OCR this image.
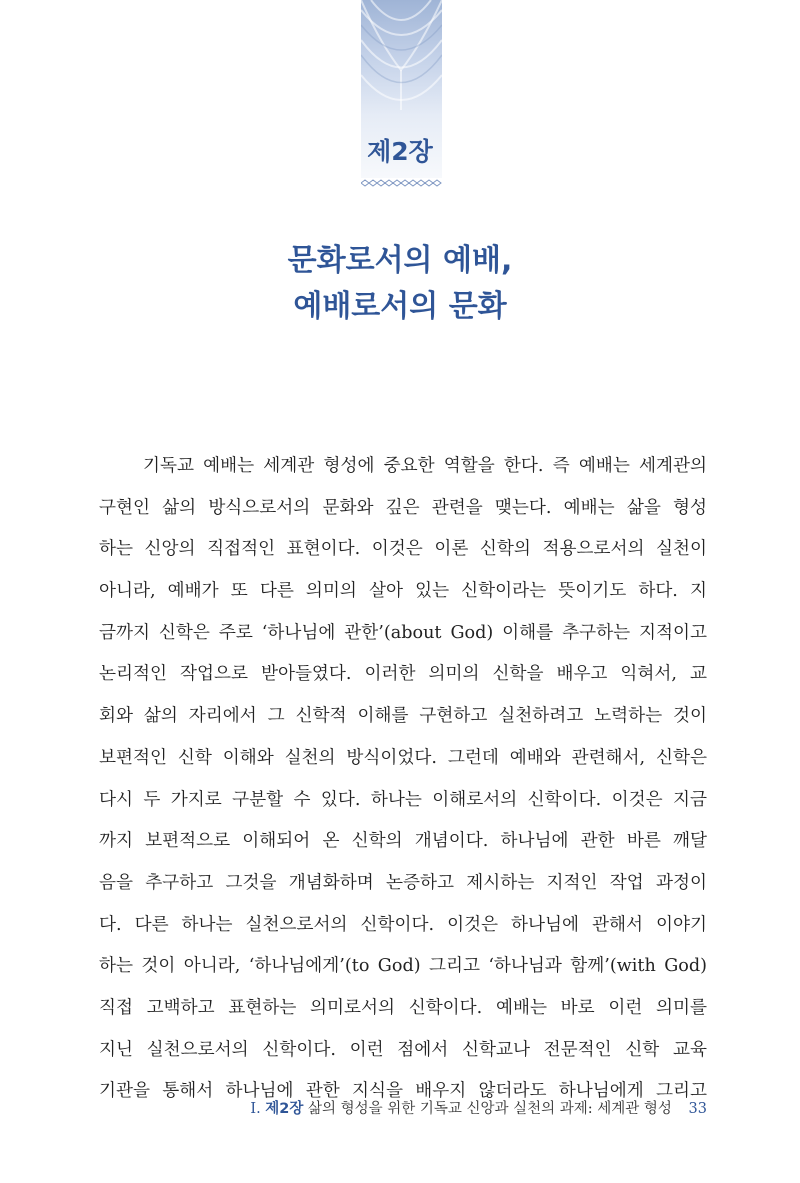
제2장
문화로서의 예배,
예배로서의 문화
기독교 예배는 세계관 형성에 중요한 역할을 한다. 즉 예배는 세계관의
구현인 삶의 방식으로서의 문화와 깊은 관련을 맺는다. 예배는 삶을 형성
하는 신앙의 직접적인 표현이다. 이것은 이론 신학의 적용으로서의 실천이
아니라, 예배가 또 다른 의미의 살아 있는 신학이라는 뜻이기도 하다. 지
금까지 신학은 주로 ‘하나님에 관한’(about God) 이해를 추구하는 지적이고
논리적인 작업으로 받아들였다. 이러한 의미의 신학을 배우고 익혀서, 교
회와 삶의 자리에서 그 신학적 이해를 구현하고 실천하려고 노력하는 것이
보편적인 신학 이해와 실천의 방식이었다. 그런데 예배와 관련해서, 신학은
다시 두 가지로 구분할 수 있다. 하나는 이해로서의 신학이다. 이것은 지금
까지 보편적으로 이해되어 온 신학의 개념이다. 하나님에 관한 바른 깨달
음을 추구하고 그것을 개념화하며 논증하고 제시하는 지적인 작업 과정이
다. 다른 하나는 실천으로서의 신학이다. 이것은 하나님에 관해서 이야기
하는 것이 아니라, ‘하나님에게’(to God) 그리고 ‘하나님과 함께’(with God)
직접 고백하고 표현하는 의미로서의 신학이다. 예배는 바로 이런 의미를
지닌 실천으로서의 신학이다. 이런 점에서 신학교나 전문적인 신학 교육
기관을 통해서 하나님에 관한 지식을 배우지 않더라도 하나님에게 그리고
I. 제2장 삶의 형성을 위한 기독교 신앙과 실천의 과제: 세계관 형성 33
